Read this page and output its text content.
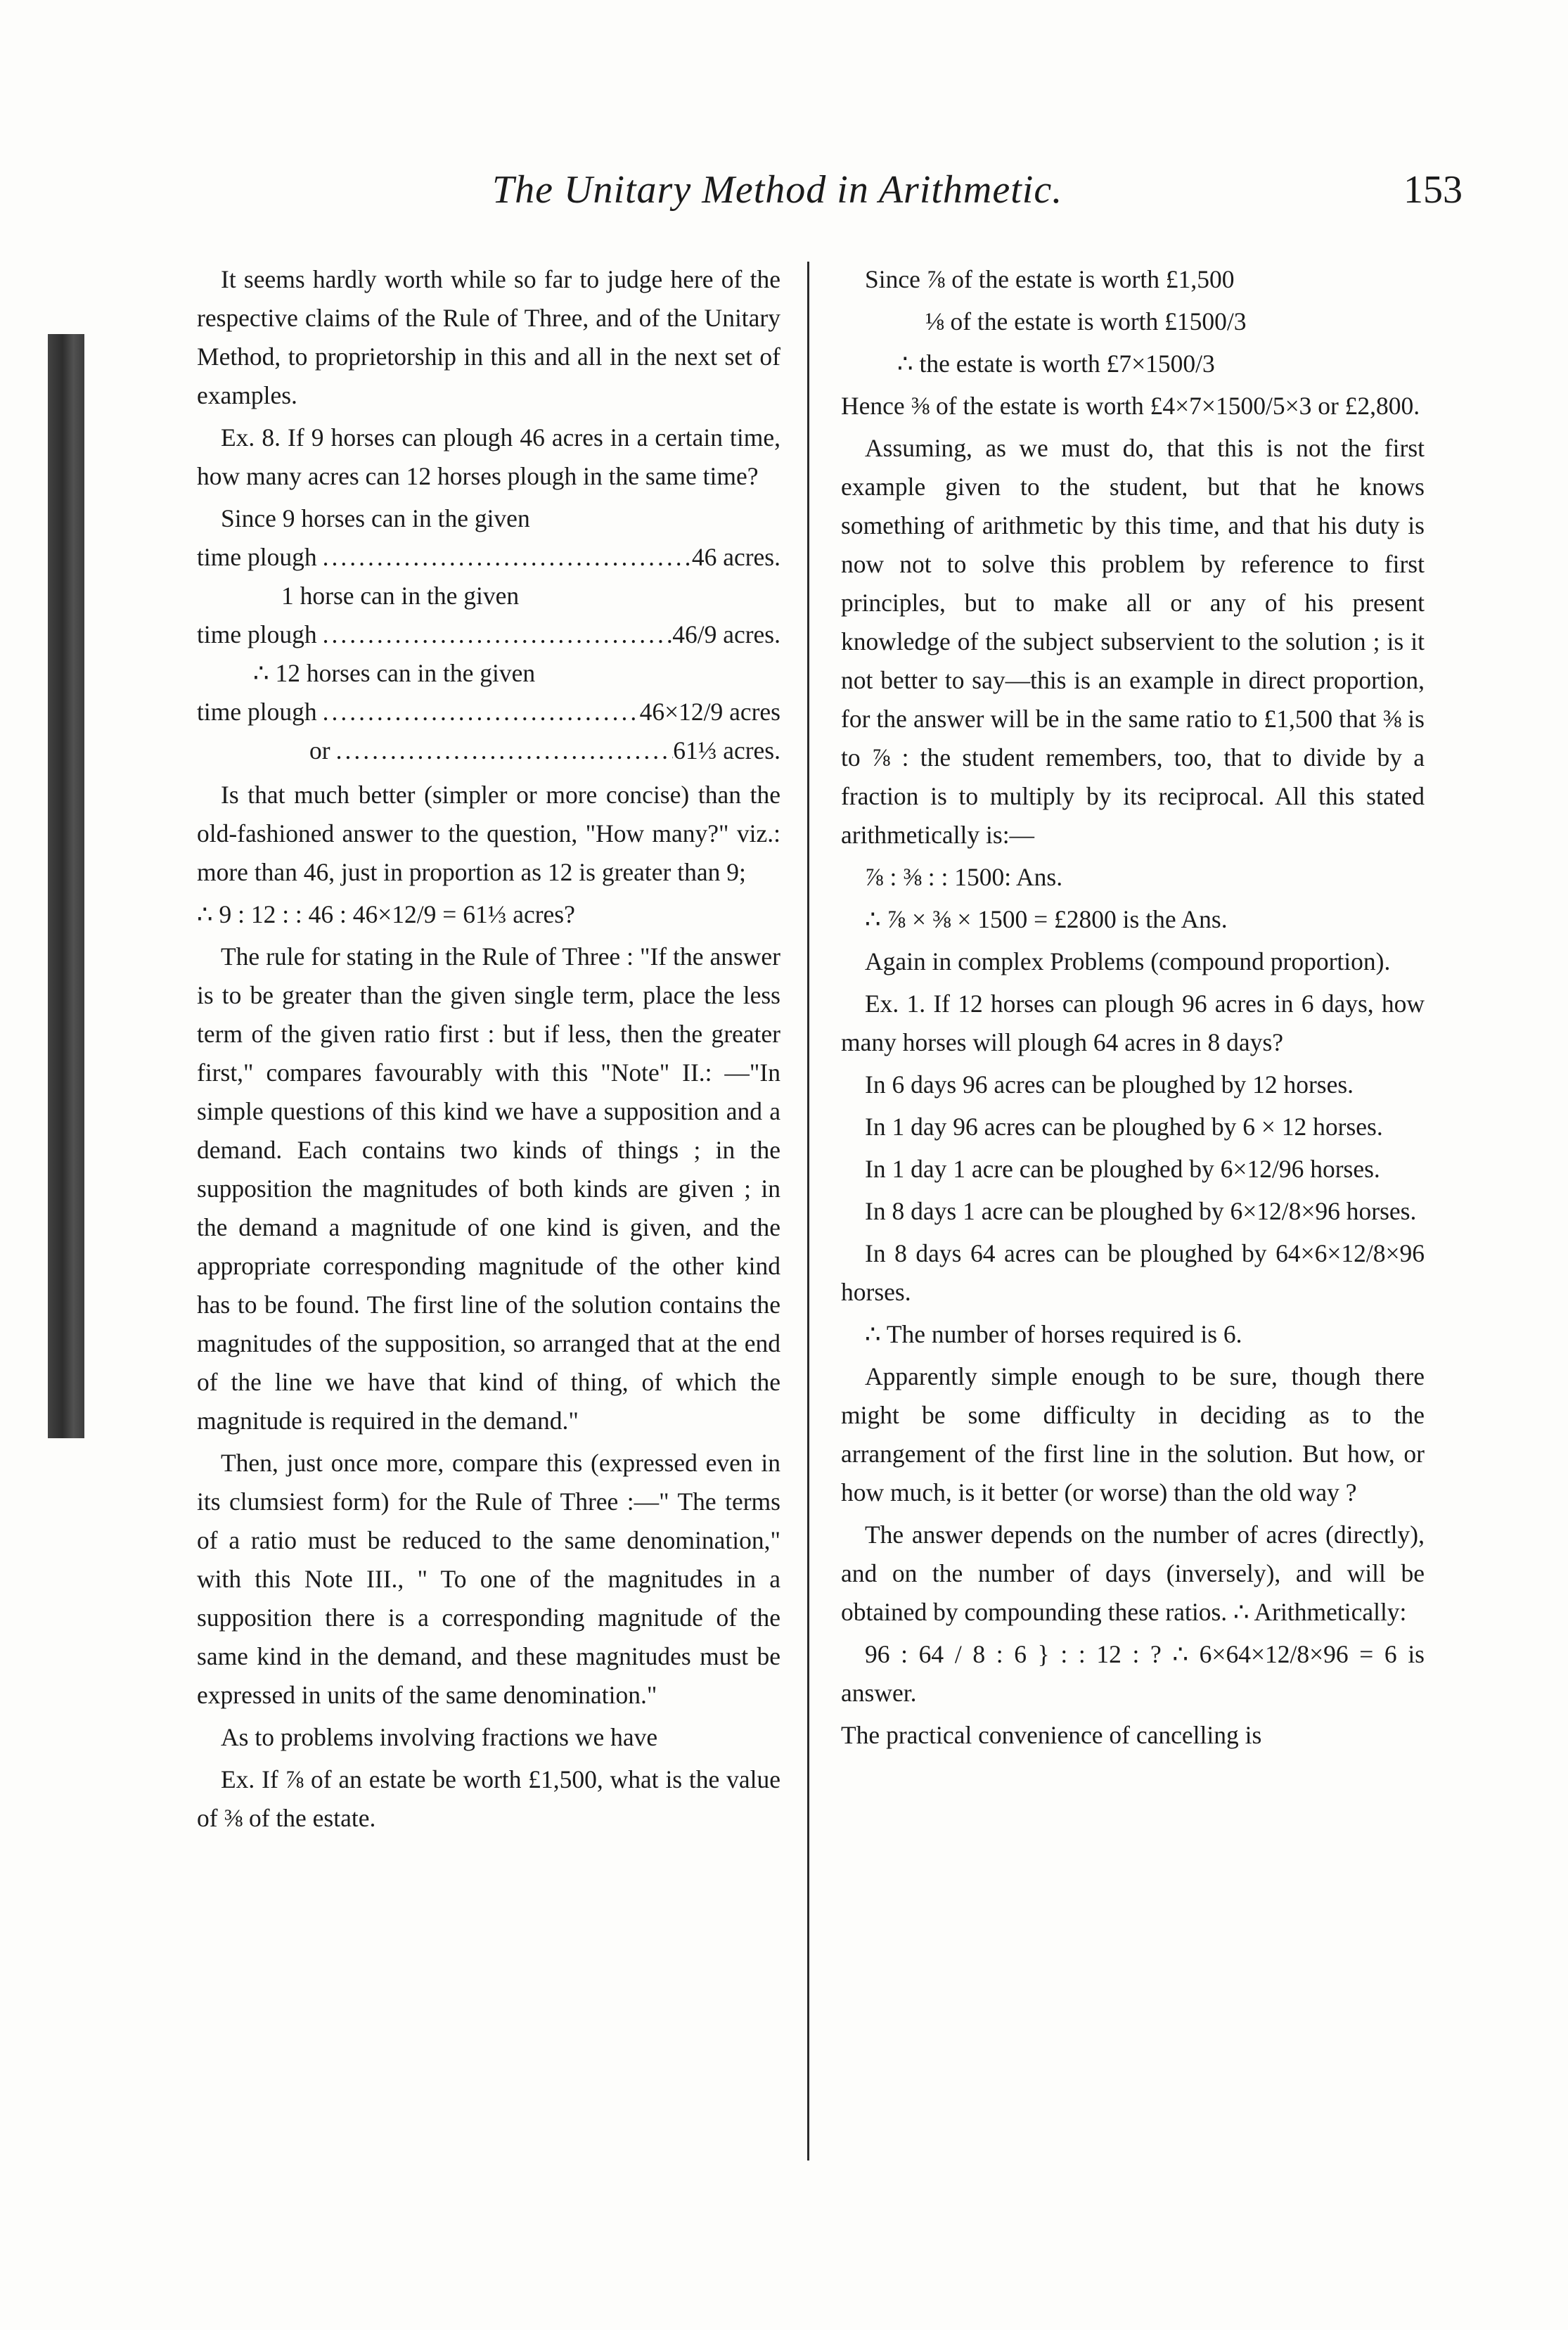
The Unitary Method in Arithmetic.	153

It seems hardly worth while so far to judge here of the respective claims of the Rule of Three, and of the Unitary Method, to proprietorship in this and all in the next set of examples.

Ex. 8. If 9 horses can plough 46 acres in a certain time, how many acres can 12 horses plough in the same time?

Since 9 horses can in the given
time plough .....	46 acres.
1 horse can in the given
time plough .....	46/9 acres.
∴ 12 horses can in the given
time plough .....	46×12/9 acres
or .....	61⅓ acres.

Is that much better (simpler or more concise) than the old-fashioned answer to the question, "How many?" viz.: more than 46, just in proportion as 12 is greater than 9;

∴ 9 : 12 : : 46 : 46×12/9 = 61⅓ acres?

The rule for stating in the Rule of Three : "If the answer is to be greater than the given single term, place the less term of the given ratio first : but if less, then the greater first," compares favourably with this "Note" II.: —"In simple questions of this kind we have a supposition and a demand. Each contains two kinds of things ; in the supposition the magnitudes of both kinds are given ; in the demand a magnitude of one kind is given, and the appropriate corresponding magnitude of the other kind has to be found. The first line of the solution contains the magnitudes of the supposition, so arranged that at the end of the line we have that kind of thing, of which the magnitude is required in the demand."

Then, just once more, compare this (expressed even in its clumsiest form) for the Rule of Three :—" The terms of a ratio must be reduced to the same denomination," with this Note III., " To one of the magnitudes in a supposition there is a corresponding magnitude of the same kind in the demand, and these magnitudes must be expressed in units of the same denomination."

As to problems involving fractions we have

Ex. If ⅞ of an estate be worth £1,500, what is the value of ⅜ of the estate.

Since ⅞ of the estate is worth £1,500

⅛ of the estate is worth £1500/3

∴ the estate is worth £7×1500/3

Hence ⅜ of the estate is worth £4×7×1500/5×3 or £2,800.

Assuming, as we must do, that this is not the first example given to the student, but that he knows something of arithmetic by this time, and that his duty is now not to solve this problem by reference to first principles, but to make all or any of his present knowledge of the subject subservient to the solution ; is it not better to say—this is an example in direct proportion, for the answer will be in the same ratio to £1,500 that ⅜ is to ⅞ : the student remembers, too, that to divide by a fraction is to multiply by its reciprocal. All this stated arithmetically is:—

⅞ : ⅜ : : 1500: Ans.

∴ ⅞ × ⅜ × 1500 = £2800 is the Ans.

Again in complex Problems (compound proportion).

Ex. 1. If 12 horses can plough 96 acres in 6 days, how many horses will plough 64 acres in 8 days?

In 6 days 96 acres can be ploughed by 12 horses.

In 1 day 96 acres can be ploughed by 6 × 12 horses.

In 1 day 1 acre can be ploughed by 6×12/96 horses.

In 8 days 1 acre can be ploughed by 6×12/8×96 horses.

In 8 days 64 acres can be ploughed by 64×6×12/8×96 horses.

∴ The number of horses required is 6.

Apparently simple enough to be sure, though there might be some difficulty in deciding as to the arrangement of the first line in the solution. But how, or how much, is it better (or worse) than the old way ?

The answer depends on the number of acres (directly), and on the number of days (inversely), and will be obtained by compounding these ratios. ∴ Arithmetically:

96 : 64 / 8 : 6 } : : 12 : ? ∴ 6×64×12/8×96 = 6 is answer.

The practical convenience of cancelling is
